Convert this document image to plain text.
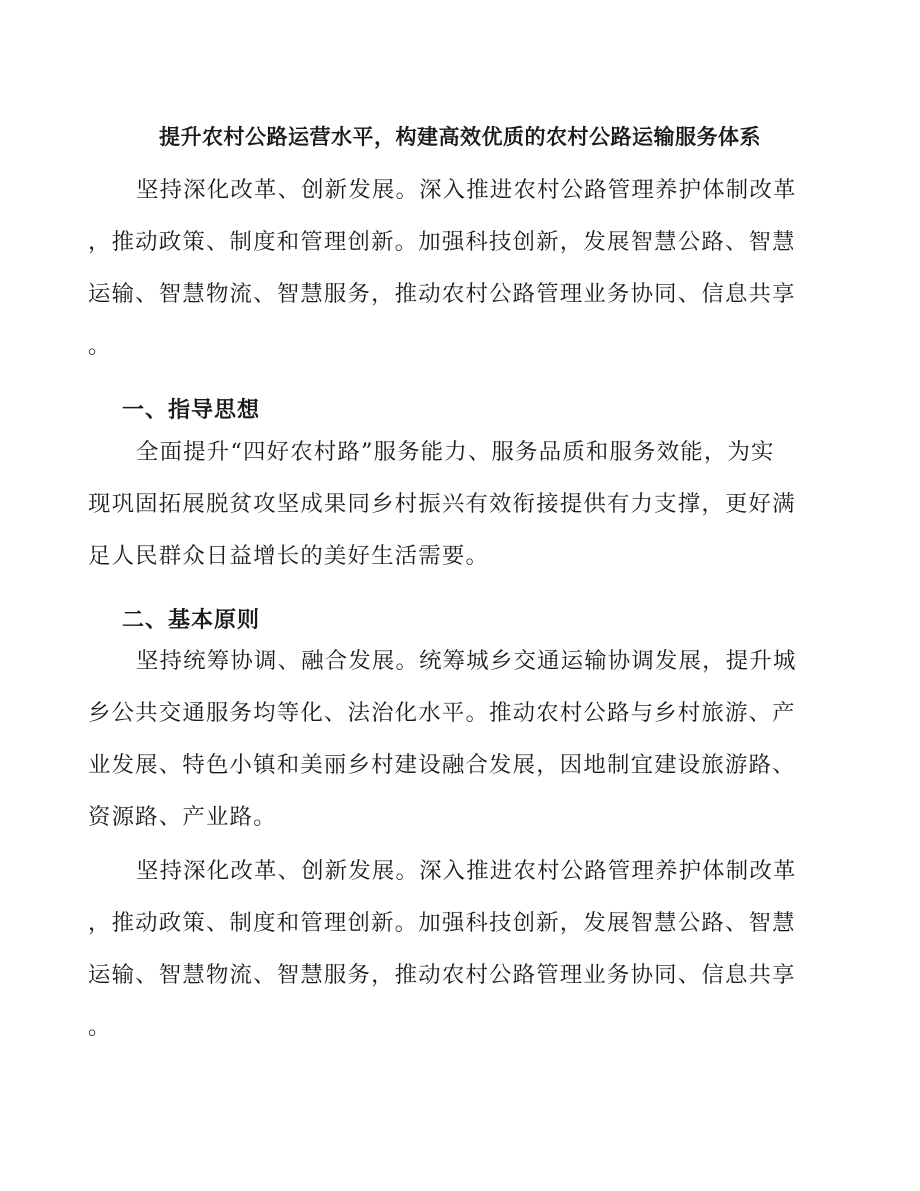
提升农村公路运营水平，构建高效优质的农村公路运输服务体系
坚持深化改革、创新发展。深入推进农村公路管理养护体制改革
，推动政策、制度和管理创新。加强科技创新，发展智慧公路、智慧
运输、智慧物流、智慧服务，推动农村公路管理业务协同、信息共享
。
一、指导思想
全面提升“四好农村路”服务能力、服务品质和服务效能，为实
现巩固拓展脱贫攻坚成果同乡村振兴有效衔接提供有力支撑，更好满
足人民群众日益增长的美好生活需要。
二、基本原则
坚持统筹协调、融合发展。统筹城乡交通运输协调发展，提升城
乡公共交通服务均等化、法治化水平。推动农村公路与乡村旅游、产
业发展、特色小镇和美丽乡村建设融合发展，因地制宜建设旅游路、
资源路、产业路。
坚持深化改革、创新发展。深入推进农村公路管理养护体制改革
，推动政策、制度和管理创新。加强科技创新，发展智慧公路、智慧
运输、智慧物流、智慧服务，推动农村公路管理业务协同、信息共享
。
